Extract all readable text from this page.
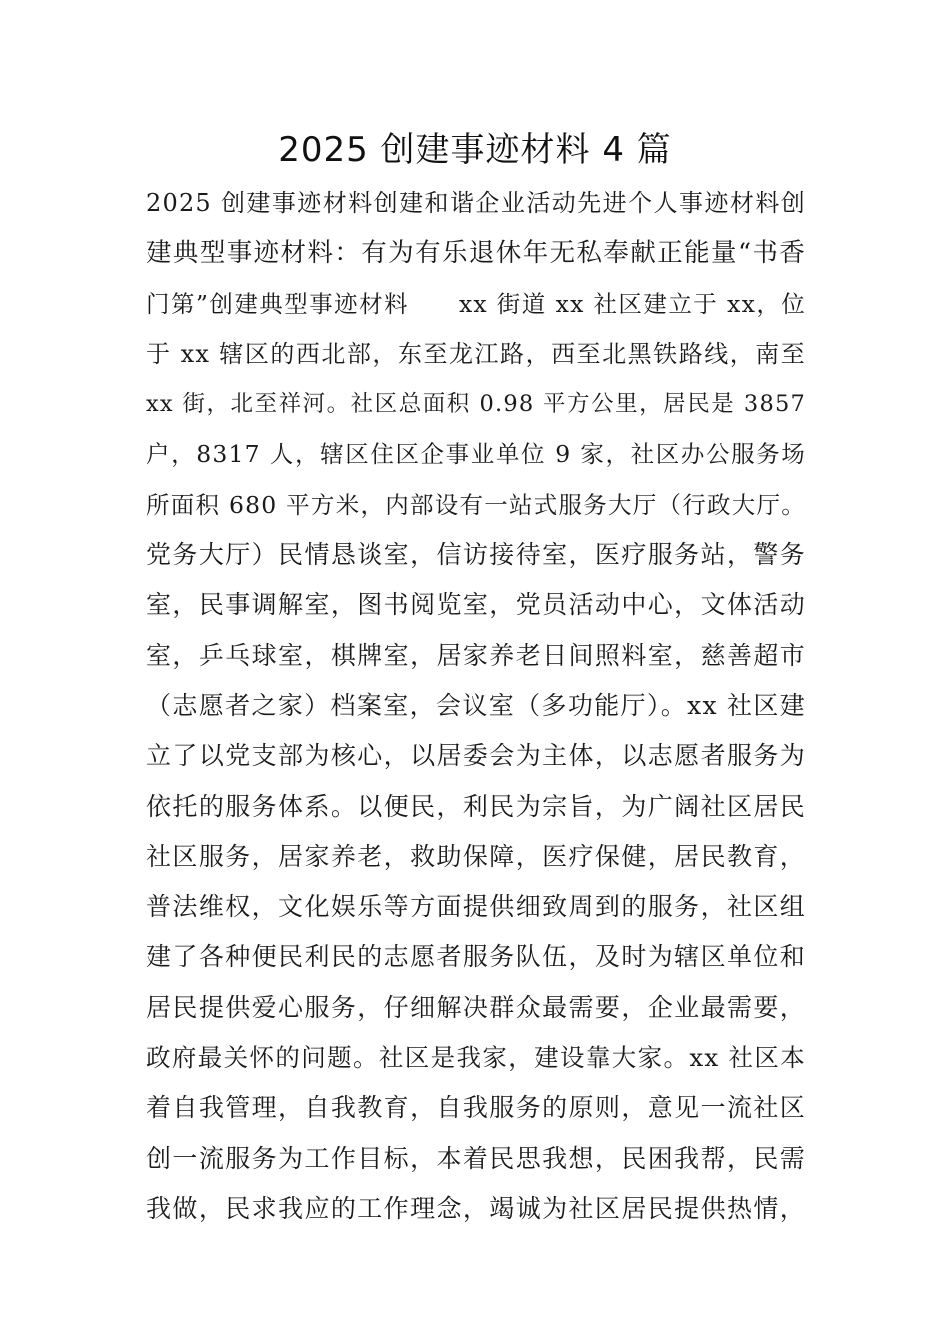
2025 创建事迹材料 4 篇
2025 创建事迹材料创建和谐企业活动先进个人事迹材料创
建典型事迹材料：有为有乐退休年无私奉献正能量“书香
门第”创建典型事迹材料　　xx 街道 xx 社区建立于 xx，位
于 xx 辖区的西北部，东至龙江路，西至北黑铁路线，南至
xx 街，北至祥河。社区总面积 0.98 平方公里，居民是 3857
户，8317 人，辖区住区企事业单位 9 家，社区办公服务场
所面积 680 平方米，内部设有一站式服务大厅（行政大厅。
党务大厅）民情恳谈室，信访接待室，医疗服务站，警务
室，民事调解室，图书阅览室，党员活动中心，文体活动
室，乒乓球室，棋牌室，居家养老日间照料室，慈善超市
（志愿者之家）档案室，会议室（多功能厅）。xx 社区建
立了以党支部为核心，以居委会为主体，以志愿者服务为
依托的服务体系。以便民，利民为宗旨，为广阔社区居民
社区服务，居家养老，救助保障，医疗保健，居民教育，
普法维权，文化娱乐等方面提供细致周到的服务，社区组
建了各种便民利民的志愿者服务队伍，及时为辖区单位和
居民提供爱心服务，仔细解决群众最需要，企业最需要，
政府最关怀的问题。社区是我家，建设靠大家。xx 社区本
着自我管理，自我教育，自我服务的原则，意见一流社区
创一流服务为工作目标，本着民思我想，民困我帮，民需
我做，民求我应的工作理念，竭诚为社区居民提供热情，
